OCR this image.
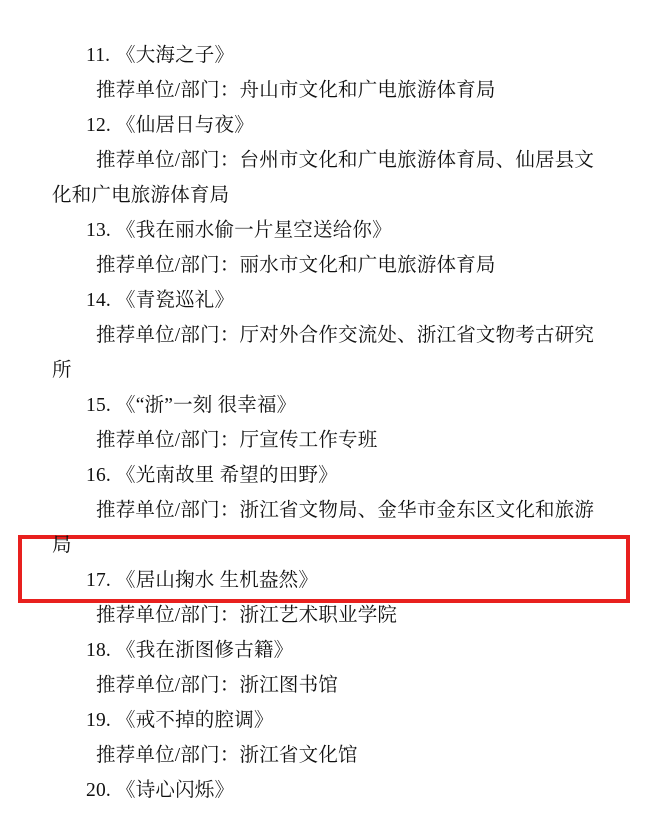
11. 《大海之子》
推荐单位/部门：舟山市文化和广电旅游体育局
12. 《仙居日与夜》
推荐单位/部门：台州市文化和广电旅游体育局、仙居县文化和广电旅游体育局
13. 《我在丽水偷一片星空送给你》
推荐单位/部门：丽水市文化和广电旅游体育局
14. 《青瓷巡礼》
推荐单位/部门：厅对外合作交流处、浙江省文物考古研究所
15. 《“浙”一刻 很幸福》
推荐单位/部门：厅宣传工作专班
16. 《光南故里 希望的田野》
推荐单位/部门：浙江省文物局、金华市金东区文化和旅游局
17. 《居山掬水 生机盎然》
推荐单位/部门：浙江艺术职业学院
18. 《我在浙图修古籍》
推荐单位/部门：浙江图书馆
19. 《戒不掉的腔调》
推荐单位/部门：浙江省文化馆
20. 《诗心闪烁》
